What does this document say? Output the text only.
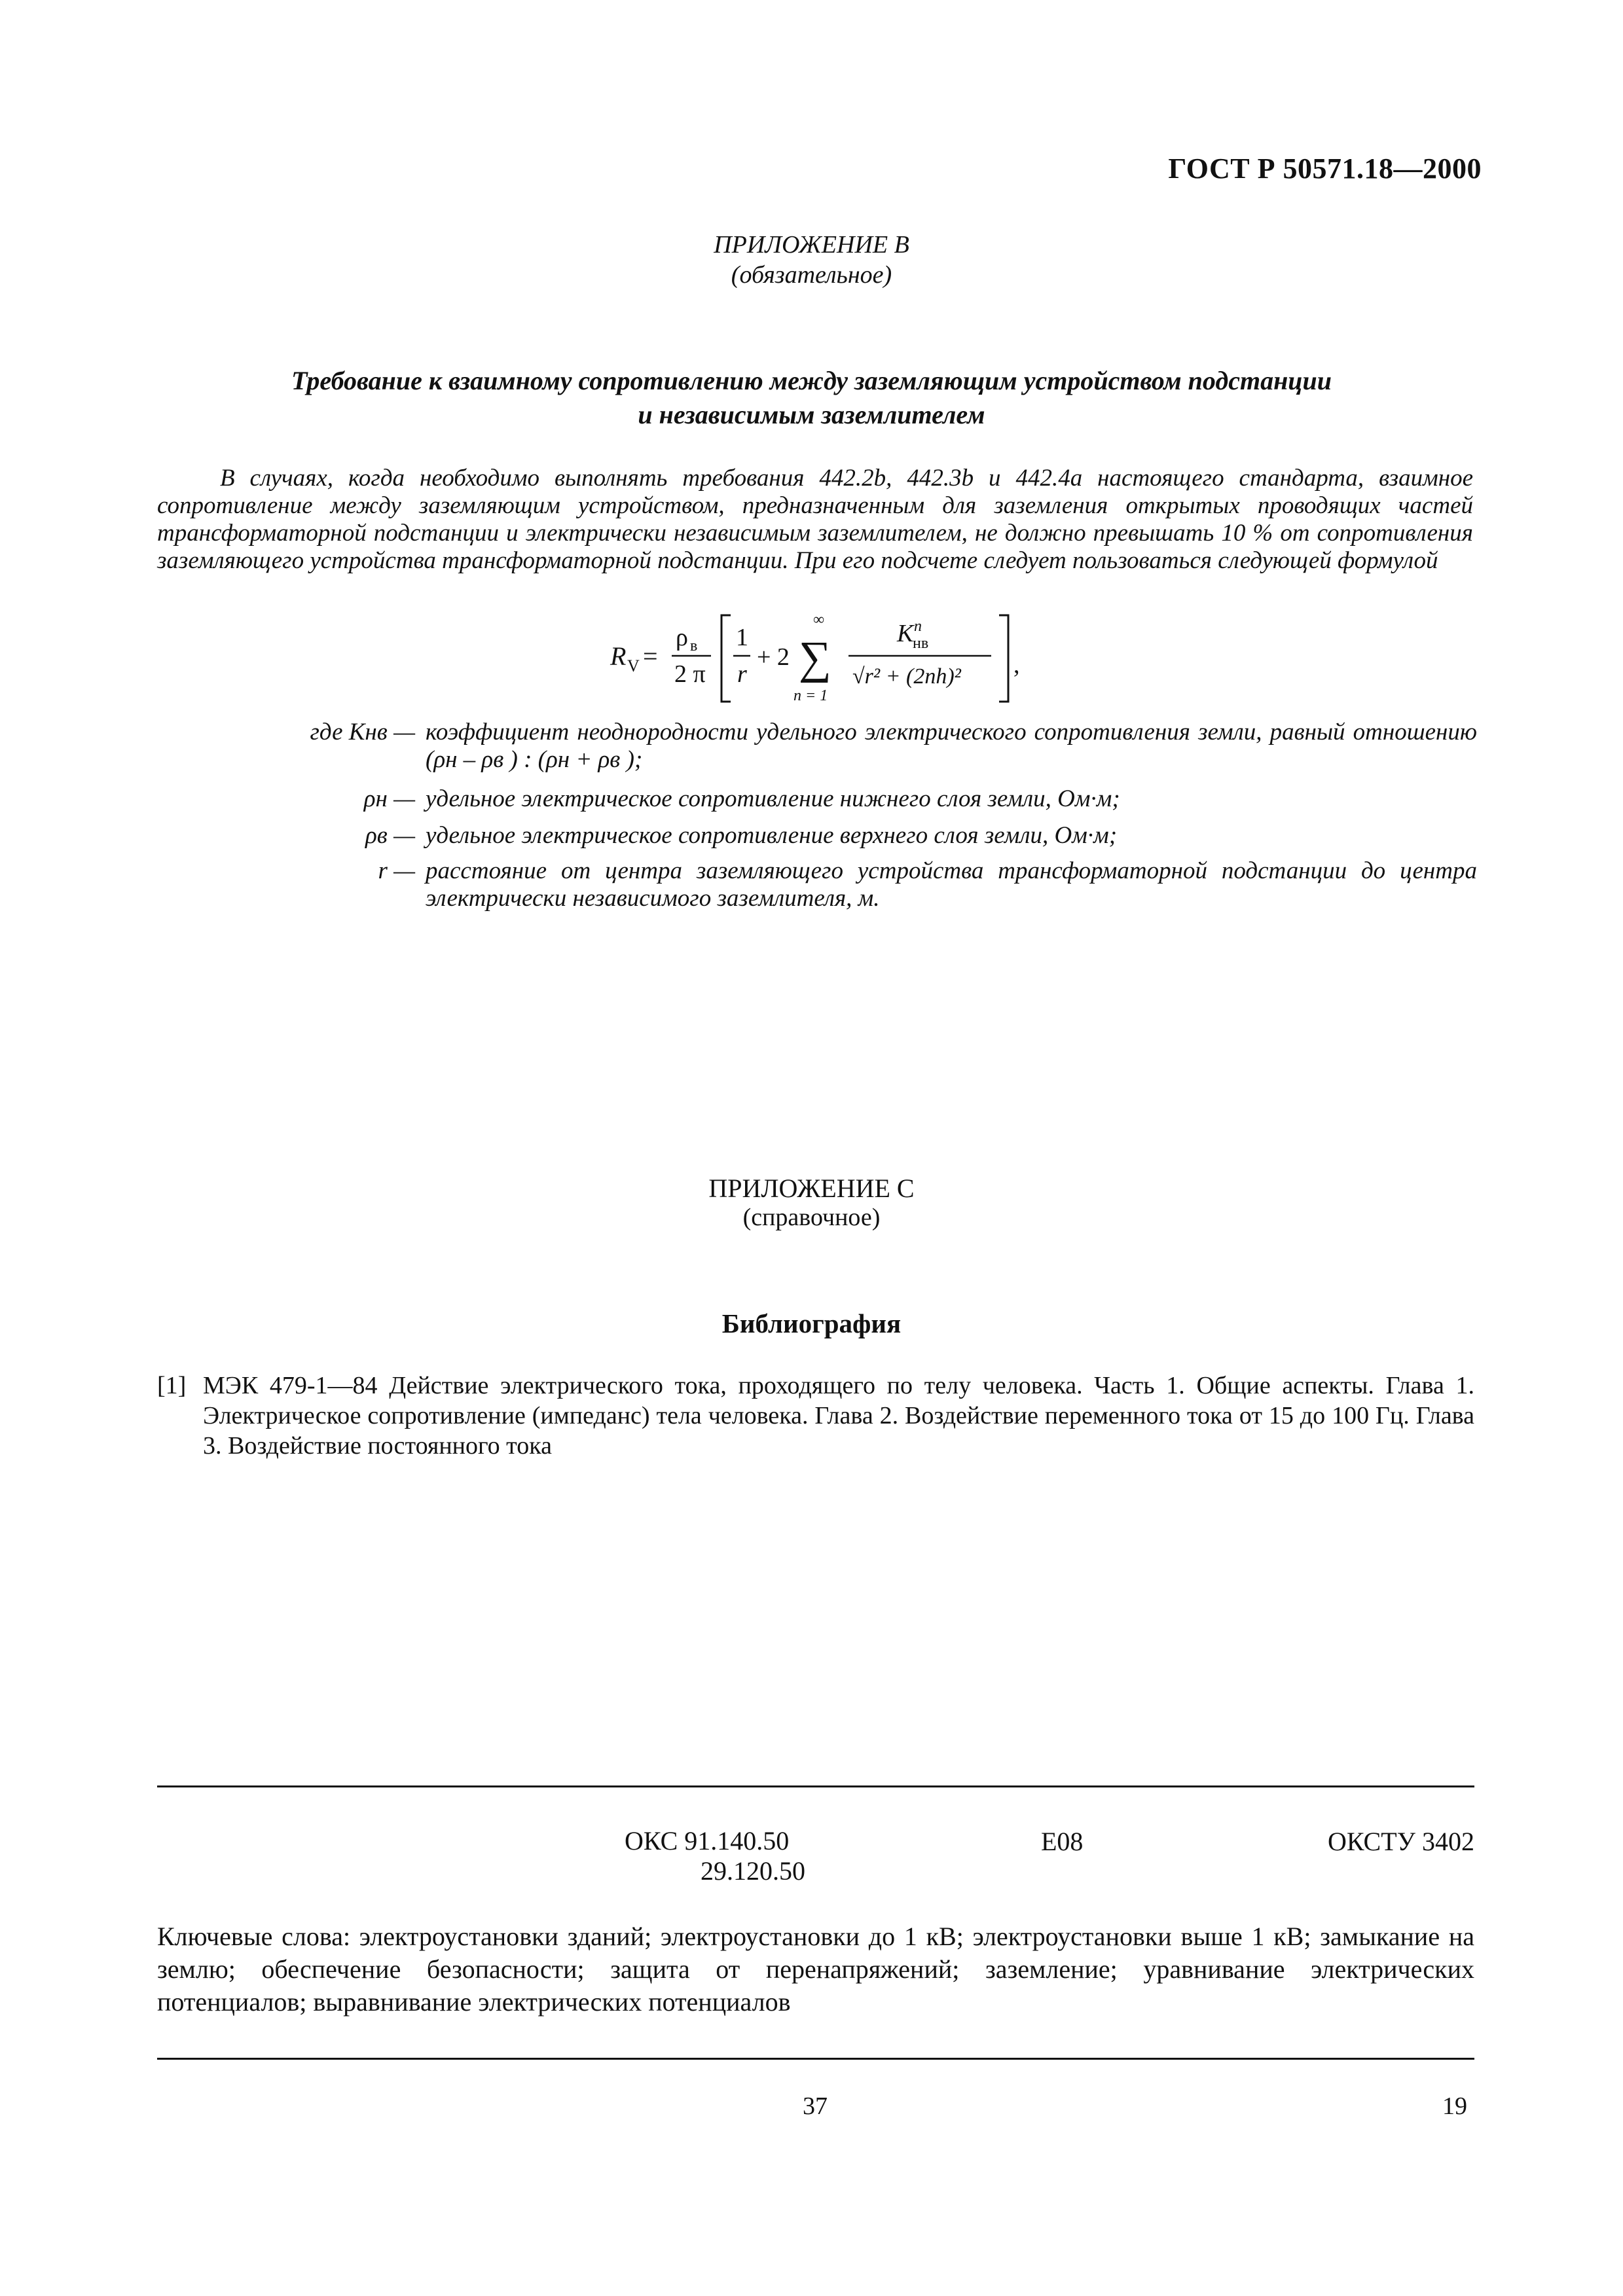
ГОСТ Р 50571.18—2000
ПРИЛОЖЕНИЕ В
(обязательное)
Требование к взаимному сопротивлению между заземляющим устройством подстанции
и независимым заземлителем
В случаях, когда необходимо выполнять требования 442.2b, 442.3b и 442.4a настоящего стандарта, взаимное сопротивление между заземляющим устройством, предназначенным для заземления открытых проводящих частей трансформаторной подстанции и электрически независимым заземлителем, не должно превышать 10 % от сопротивления заземляющего устройства трансформаторной подстанции. При его подсчете следует пользоваться следующей формулой
R V =
ρ в
2 π
1
r
+ 2
∞
∑
n = 1
K n
нв
√r² + (2nh)² ,
где Kнв — коэффициент неоднородности удельного электрического сопротивления земли, равный отношению (ρн – ρв ) : (ρн + ρв );
ρн — удельное электрическое сопротивление нижнего слоя земли, Ом·м;
ρв — удельное электрическое сопротивление верхнего слоя земли, Ом·м;
r — расстояние от центра заземляющего устройства трансформаторной подстанции до центра электрически независимого заземлителя, м.
ПРИЛОЖЕНИЕ С
(справочное)
Библиография
[1] МЭК 479-1—84 Действие электрического тока, проходящего по телу человека. Часть 1. Общие аспекты. Глава 1. Электрическое сопротивление (импеданс) тела человека. Глава 2. Воздействие переменного тока от 15 до 100 Гц. Глава 3. Воздействие постоянного тока
ОКС 91.140.50
29.120.50
E08	ОКСТУ 3402
Ключевые слова: электроустановки зданий; электроустановки до 1 кВ; электроустановки выше 1 кВ; замыкание на землю; обеспечение безопасности; защита от перенапряжений; заземление; уравнивание электрических потенциалов; выравнивание электрических потенциалов
37	19
